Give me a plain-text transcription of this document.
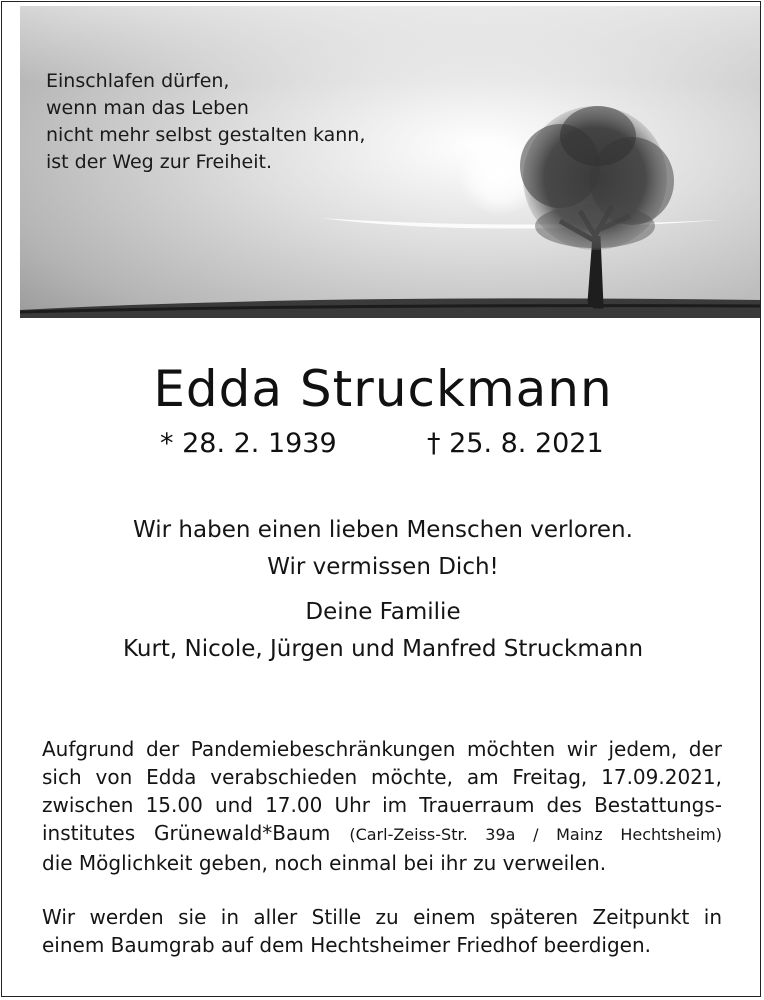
Einschlafen dürfen,
wenn man das Leben
nicht mehr selbst gestalten kann,
ist der Weg zur Freiheit.
Edda Struckmann
* 28. 2. 1939	† 25. 8. 2021
Wir haben einen lieben Menschen verloren.
Wir vermissen Dich!
Deine Familie
Kurt, Nicole, Jürgen und Manfred Struckmann
Aufgrund der Pandemiebeschränkungen möchten wir jedem, der
sich von Edda verabschieden möchte, am Freitag, 17.09.2021,
zwischen 15.00 und 17.00 Uhr im Trauerraum des Bestattungs-
institutes Grünewald*Baum (Carl-Zeiss-Str. 39a / Mainz Hechtsheim)
die Möglichkeit geben, noch einmal bei ihr zu verweilen.
Wir werden sie in aller Stille zu einem späteren Zeitpunkt in
einem Baumgrab auf dem Hechtsheimer Friedhof beerdigen.
